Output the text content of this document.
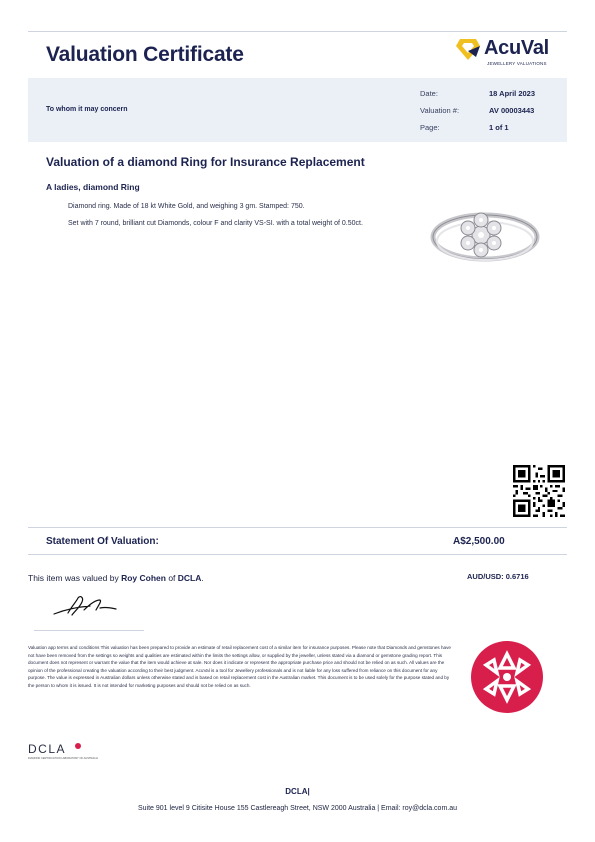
Valuation Certificate	AcuVal
JEWELLERY VALUATIONS
To whom it may concern
Date:	18 April 2023
Valuation #:	AV 00003443
Page:	1 of 1
Valuation of a diamond Ring for Insurance Replacement
A ladies, diamond Ring
Diamond ring. Made of 18 kt White Gold, and weighing 3 gm. Stamped: 750.
Set with 7 round, brilliant cut Diamonds, colour F and clarity VS-SI. with a total weight of 0.50ct.
Statement Of Valuation:	A$2,500.00
This item was valued by Roy Cohen of DCLA.	AUD/USD: 0.6716
Valuation app terms and conditions This valuation has been prepared to provide an estimate of retail replacement cost of a similar item for insurance purposes. Please note that Diamonds and gemstones have not have been removed from the settings so weights and qualities are estimated within the limits the settings allow, or supplied by the jeweller, unless stated via a diamond or gemstone grading report. This document does not represent or warrant the value that the item would achieve at sale. Nor does it indicate or represent the appropriate purchase price and should not be relied on as such. All values are the opinion of the professional creating the valuation according to their best judgment. AcuVal is a tool for Jewellery professionals and is not liable for any loss suffered from reliance on this document for any purpose. The value is expressed in Australian dollars unless otherwise stated and is based on retail replacement cost in the Australian market. This document is to be used solely for the purpose stated and by the person to whom it is issued. It is not intended for marketing purposes and should not be relied on as such.
DCLA
DIAMOND CERTIFICATION LABORATORY OF AUSTRALIA
DCLA|
Suite 901 level 9 Citisite House 155 Castlereagh Street, NSW 2000 Australia | Email: roy@dcla.com.au
